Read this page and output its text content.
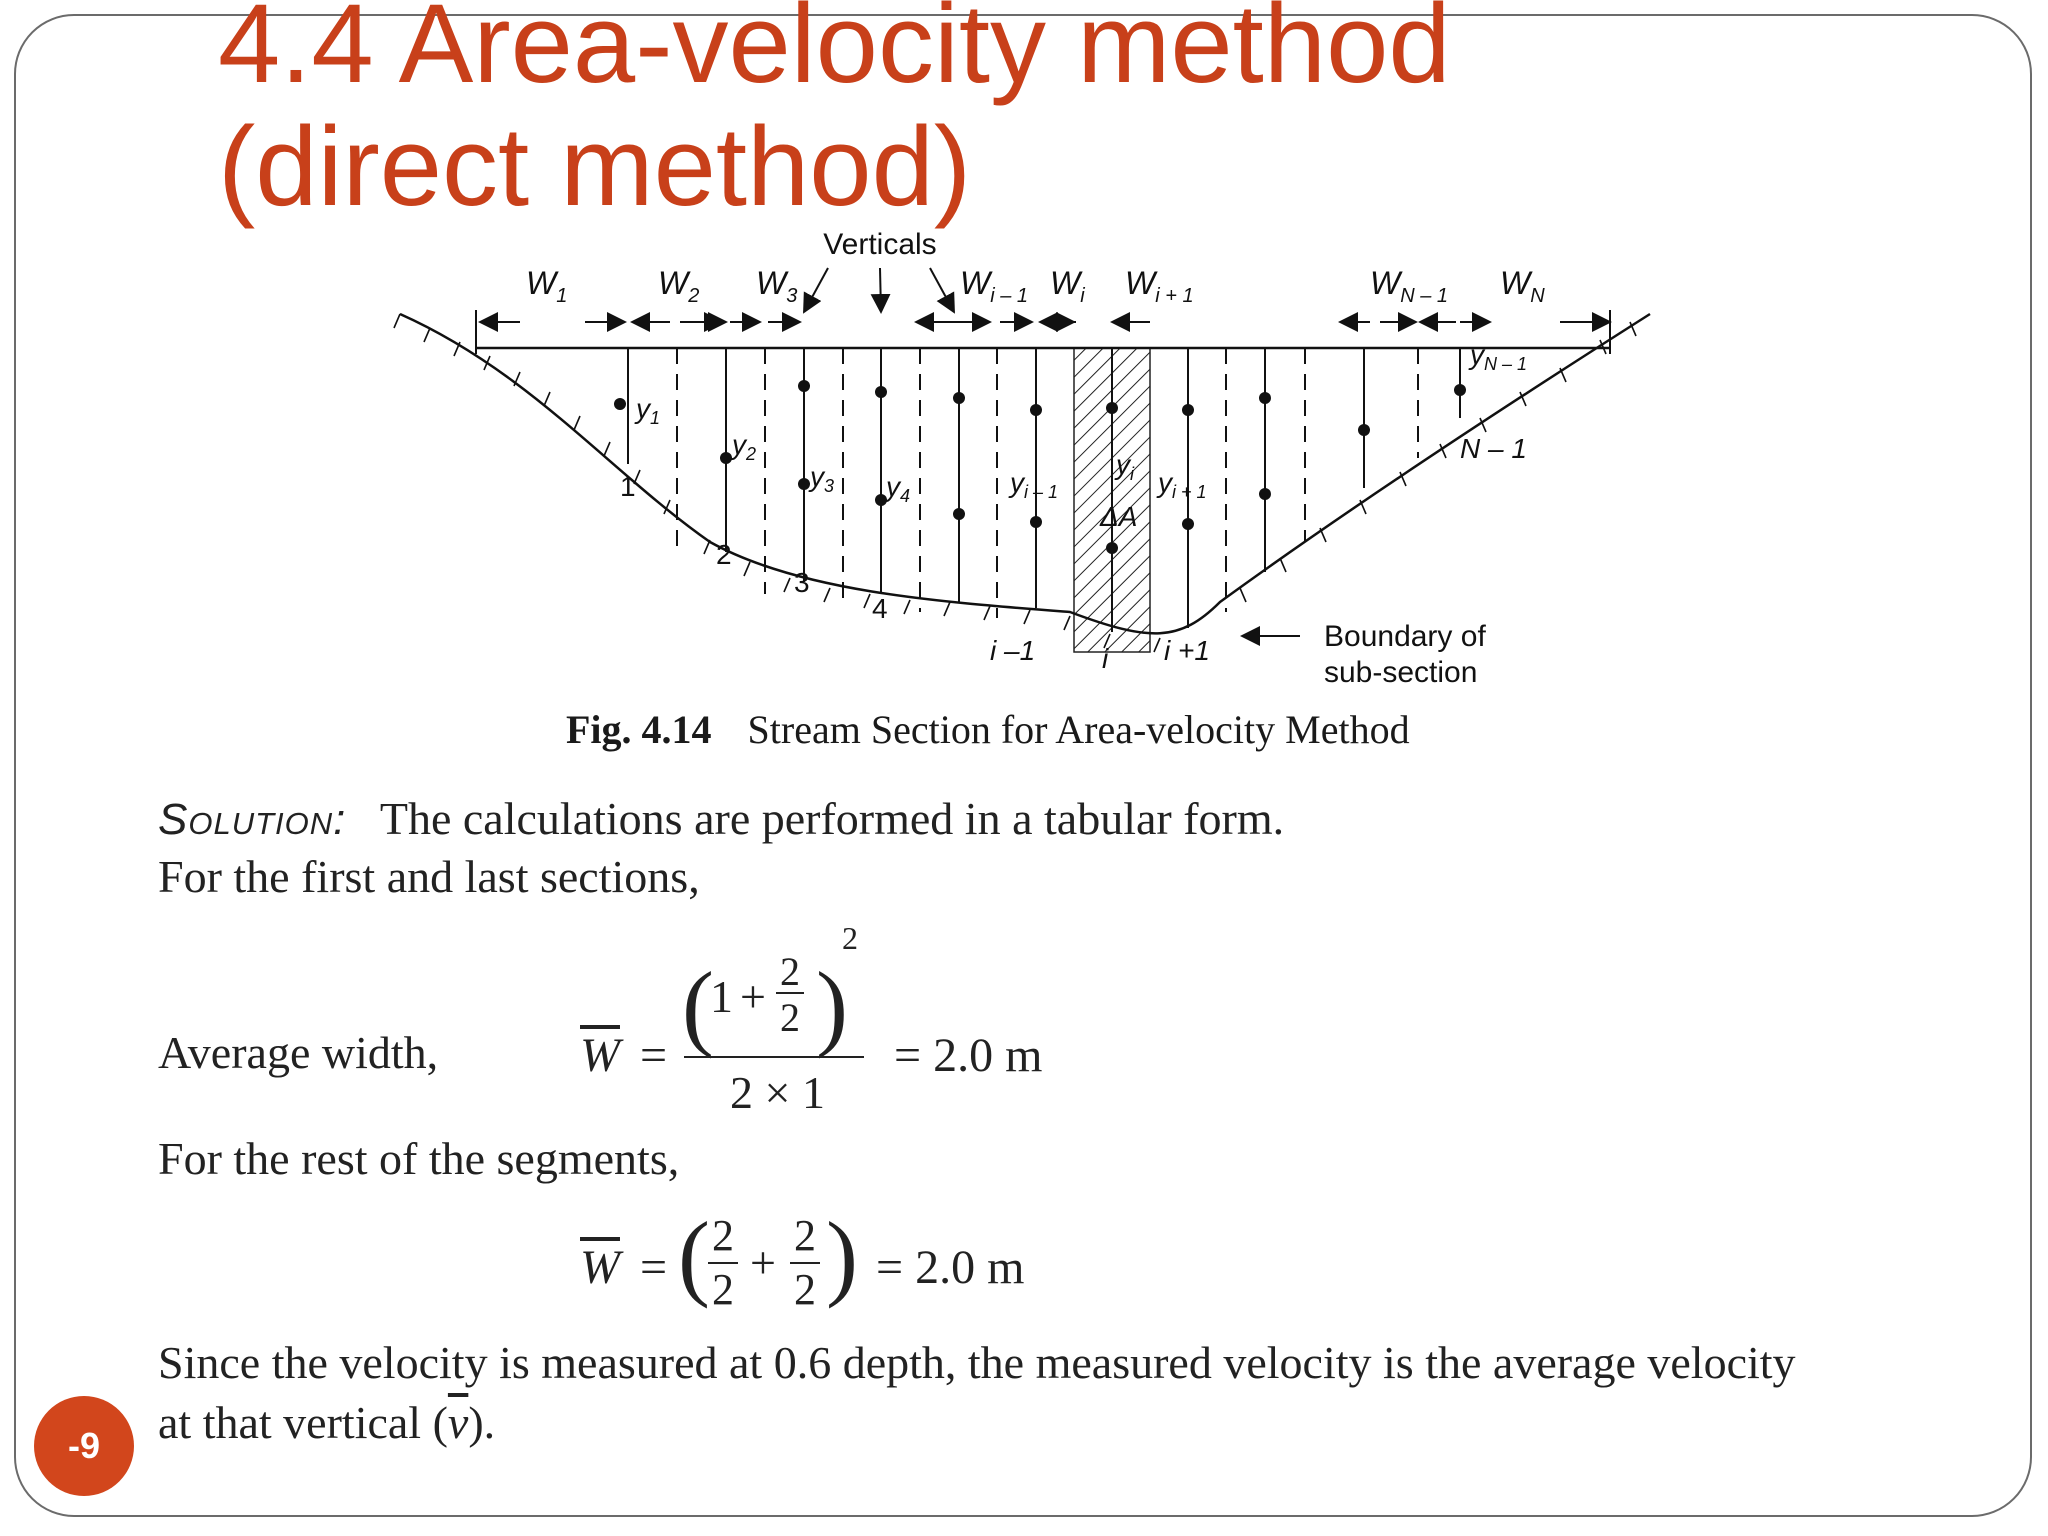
4.4 Area-velocity method
(direct method)
Verticals
$W_1$	$W_2$ $W_3$	$W_{i - 1}$ $W_i$ $W_{i + 1}$	$W_{N - 1}$ $W_N$
$y_1$
$y_2$
$y_3$ $y_4$	$y_{i - 1}$
$y_i$ $y_{i + 1}$
$y_{N - 1}$
1
2
3
4
i –1 i i +1
N – 1
ΔA
Boundary of
sub-section
Fig. 4.14 Stream Section for Area-velocity Method
Solution: The calculations are performed in a tabular form.
For the first and last sections,
Average width,	$\overline{W}$ = (
1 + 2
2 )
2
2 × 1
= 2.0 m
For the rest of the segments,
$\overline{W}$ = ( 2
2
+
2
2 ) = 2.0 m
Since the velocity is measured at 0.6 depth, the measured velocity is the average velocity
at that vertical $(\overline{v})$.
-9
